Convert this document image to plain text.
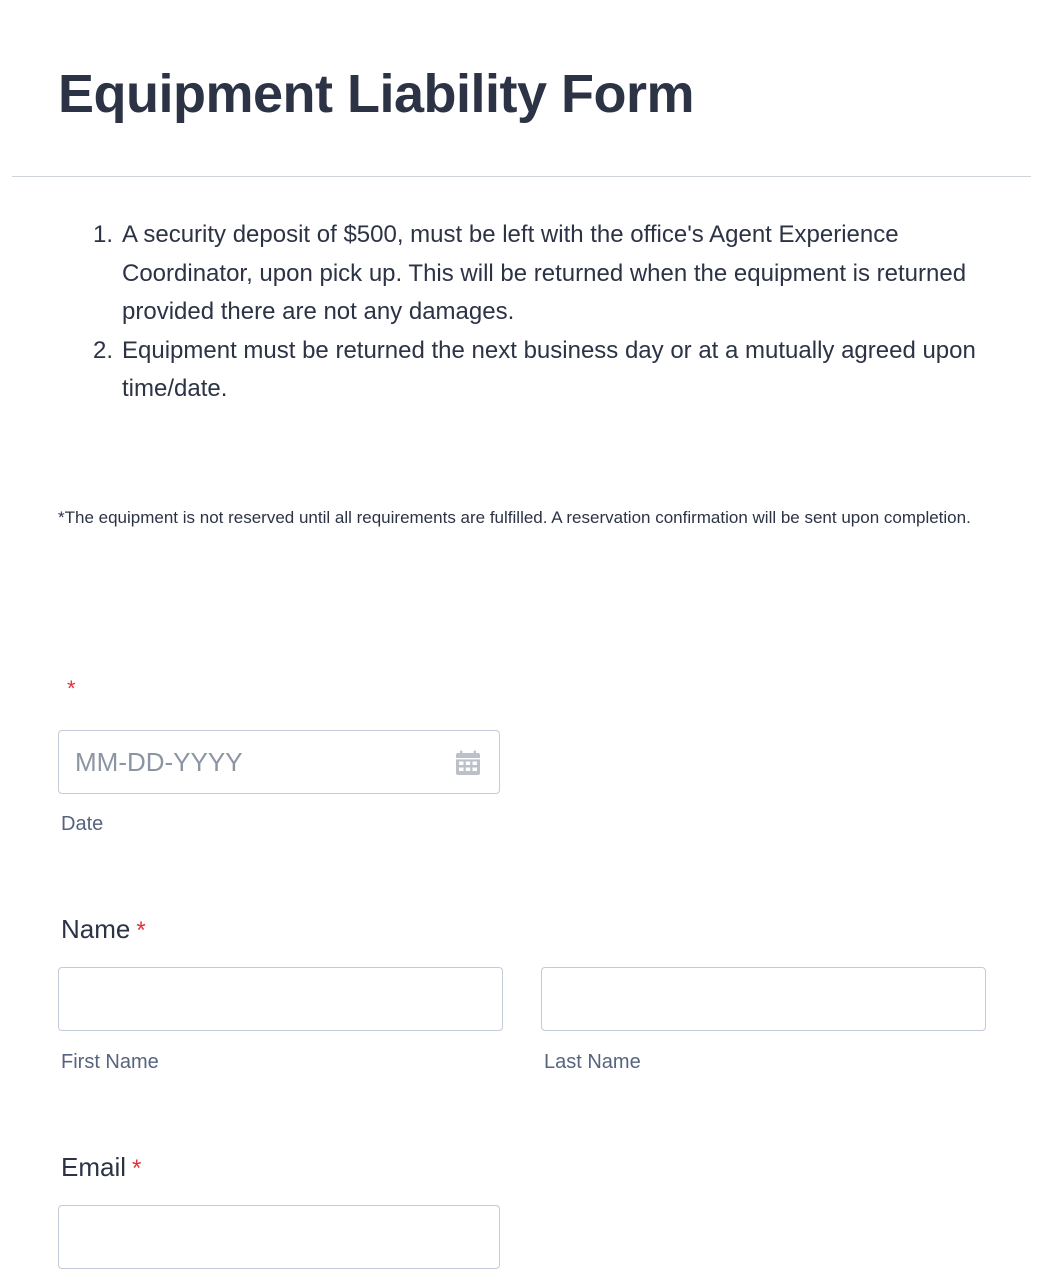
Equipment Liability Form
1. A security deposit of $500, must be left with the office's Agent Experience Coordinator, upon pick up. This will be returned when the equipment is returned provided there are not any damages.
2. Equipment must be returned the next business day or at a mutually agreed upon time/date.

*The equipment is not reserved until all requirements are fulfilled. A reservation confirmation will be sent upon completion.

*
MM-DD-YYYY

Date

Name *

First Name	Last Name

Email *
